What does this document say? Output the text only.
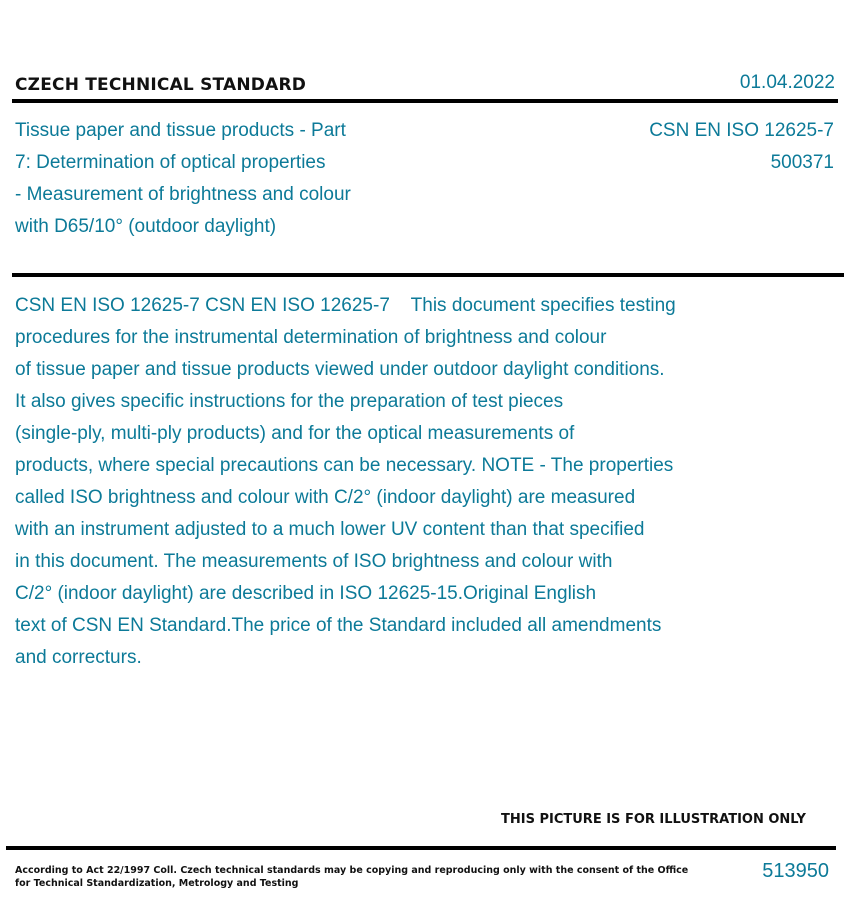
CZECH TECHNICAL STANDARD	01.04.2022
Tissue paper and tissue products - Part
7: Determination of optical properties
- Measurement of brightness and colour
with D65/10° (outdoor daylight)
CSN EN ISO 12625-7
500371
CSN EN ISO 12625-7 CSN EN ISO 12625-7    This document specifies testing
procedures for the instrumental determination of brightness and colour
of tissue paper and tissue products viewed under outdoor daylight conditions.
It also gives specific instructions for the preparation of test pieces
(single-ply, multi-ply products) and for the optical measurements of
products, where special precautions can be necessary. NOTE - The properties
called ISO brightness and colour with C/2° (indoor daylight) are measured
with an instrument adjusted to a much lower UV content than that specified
in this document. The measurements of ISO brightness and colour with
C/2° (indoor daylight) are described in ISO 12625-15.Original English
text of CSN EN Standard.The price of the Standard included all amendments
and correcturs.
THIS PICTURE IS FOR ILLUSTRATION ONLY
According to Act 22/1997 Coll. Czech technical standards may be copying and reproducing only with the consent of the Office
for Technical Standardization, Metrology and Testing
513950
